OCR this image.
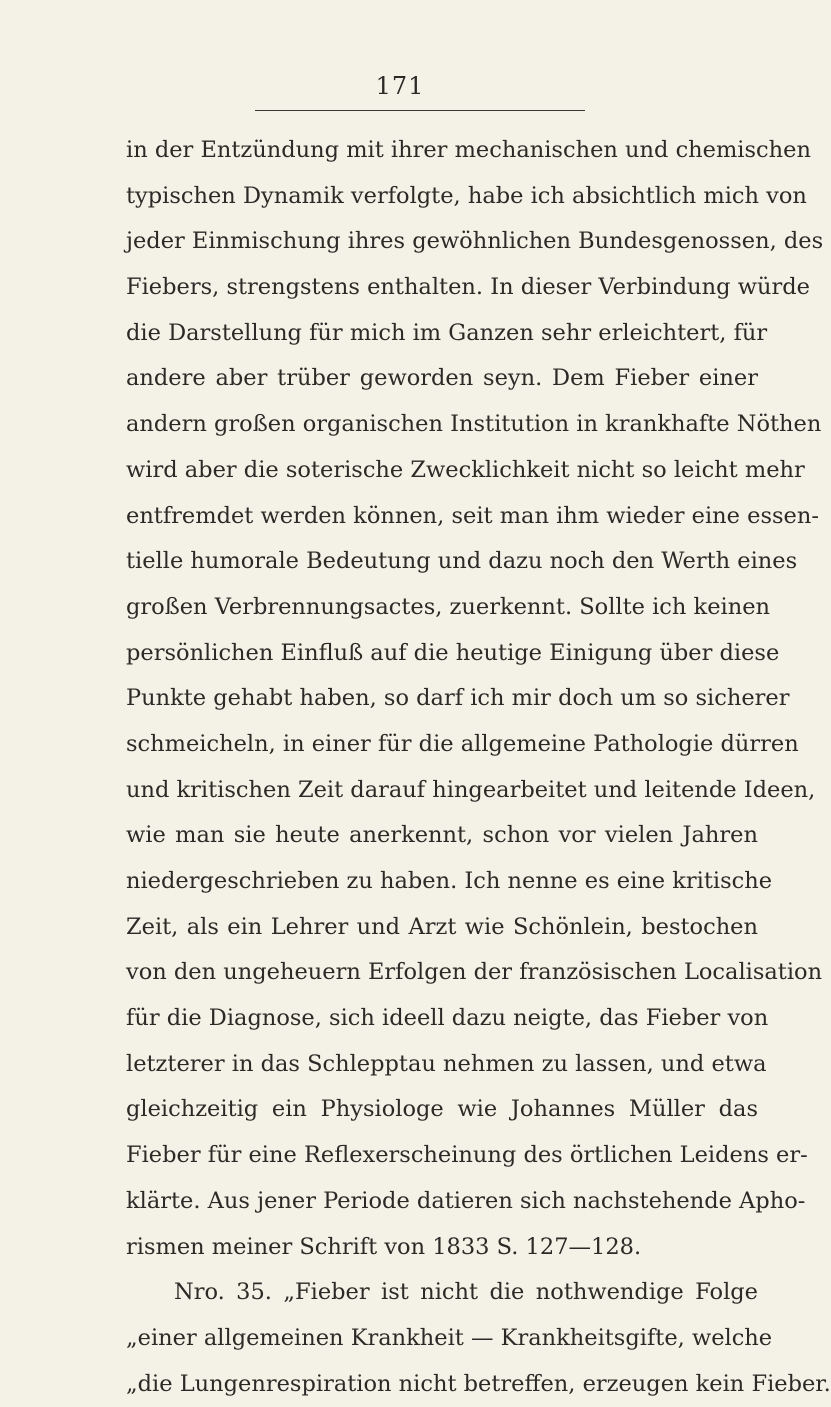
171
in der Entzündung mit ihrer mechanischen und chemischen
typischen Dynamik verfolgte, habe ich absichtlich mich von
jeder Einmischung ihres gewöhnlichen Bundesgenossen, des
Fiebers, strengstens enthalten. In dieser Verbindung würde
die Darstellung für mich im Ganzen sehr erleichtert, für
andere aber trüber geworden seyn. Dem Fieber einer
andern großen organischen Institution in krankhafte Nöthen
wird aber die soterische Zwecklichkeit nicht so leicht mehr
entfremdet werden können, seit man ihm wieder eine essen-
tielle humorale Bedeutung und dazu noch den Werth eines
großen Verbrennungsactes, zuerkennt. Sollte ich keinen
persönlichen Einfluß auf die heutige Einigung über diese
Punkte gehabt haben, so darf ich mir doch um so sicherer
schmeicheln, in einer für die allgemeine Pathologie dürren
und kritischen Zeit darauf hingearbeitet und leitende Ideen,
wie man sie heute anerkennt, schon vor vielen Jahren
niedergeschrieben zu haben. Ich nenne es eine kritische
Zeit, als ein Lehrer und Arzt wie Schönlein, bestochen
von den ungeheuern Erfolgen der französischen Localisation
für die Diagnose, sich ideell dazu neigte, das Fieber von
letzterer in das Schlepptau nehmen zu lassen, und etwa
gleichzeitig ein Physiologe wie Johannes Müller das
Fieber für eine Reflexerscheinung des örtlichen Leidens er-
klärte. Aus jener Periode datieren sich nachstehende Apho-
rismen meiner Schrift von 1833 S. 127—128.
Nro. 35. „Fieber ist nicht die nothwendige Folge
„einer allgemeinen Krankheit — Krankheitsgifte, welche
„die Lungenrespiration nicht betreffen, erzeugen kein Fieber.
